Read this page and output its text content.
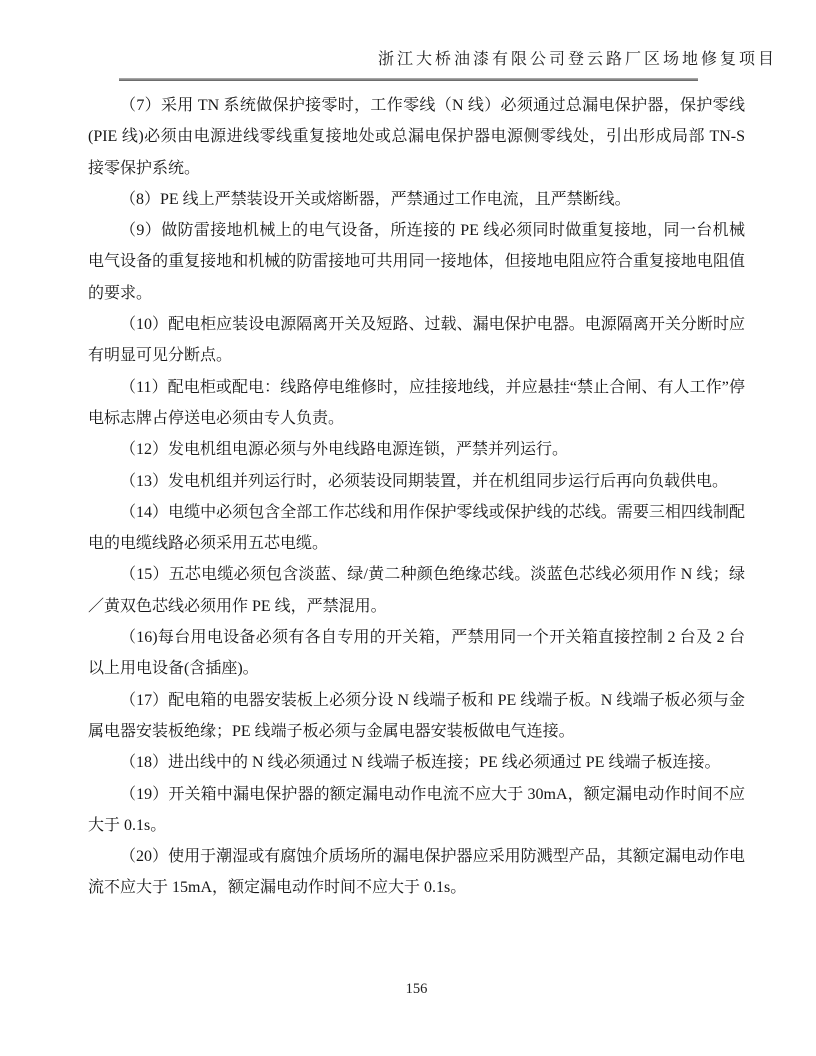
浙江大桥油漆有限公司登云路厂区场地修复项目

（7）采用 TN 系统做保护接零时，工作零线（N 线）必须通过总漏电保护器，保护零线(PIE 线)必须由电源进线零线重复接地处或总漏电保护器电源侧零线处，引出形成局部 TN-S 接零保护系统。

（8）PE 线上严禁装设开关或熔断器，严禁通过工作电流，且严禁断线。

（9）做防雷接地机械上的电气设备，所连接的 PE 线必须同时做重复接地，同一台机械电气设备的重复接地和机械的防雷接地可共用同一接地体，但接地电阻应符合重复接地电阻值的要求。

（10）配电柜应装设电源隔离开关及短路、过载、漏电保护电器。电源隔离开关分断时应有明显可见分断点。

（11）配电柜或配电：线路停电维修时，应挂接地线，并应悬挂“禁止合闸、有人工作”停电标志牌占停送电必须由专人负责。

（12）发电机组电源必须与外电线路电源连锁，严禁并列运行。

（13）发电机组并列运行时，必须装设同期装置，并在机组同步运行后再向负载供电。

（14）电缆中必须包含全部工作芯线和用作保护零线或保护线的芯线。需要三相四线制配电的电缆线路必须采用五芯电缆。

（15）五芯电缆必须包含淡蓝、绿/黄二种颜色绝缘芯线。淡蓝色芯线必须用作 N 线；绿／黄双色芯线必须用作 PE 线，严禁混用。

（16)每台用电设备必须有各自专用的开关箱，严禁用同一个开关箱直接控制 2 台及 2 台以上用电设备(含插座)。

（17）配电箱的电器安装板上必须分设 N 线端子板和 PE 线端子板。N 线端子板必须与金属电器安装板绝缘；PE 线端子板必须与金属电器安装板做电气连接。

（18）进出线中的 N 线必须通过 N 线端子板连接；PE 线必须通过 PE 线端子板连接。

（19）开关箱中漏电保护器的额定漏电动作电流不应大于 30mA，额定漏电动作时间不应大于 0.1s。

（20）使用于潮湿或有腐蚀介质场所的漏电保护器应采用防溅型产品，其额定漏电动作电流不应大于 15mA，额定漏电动作时间不应大于 0.1s。

156
